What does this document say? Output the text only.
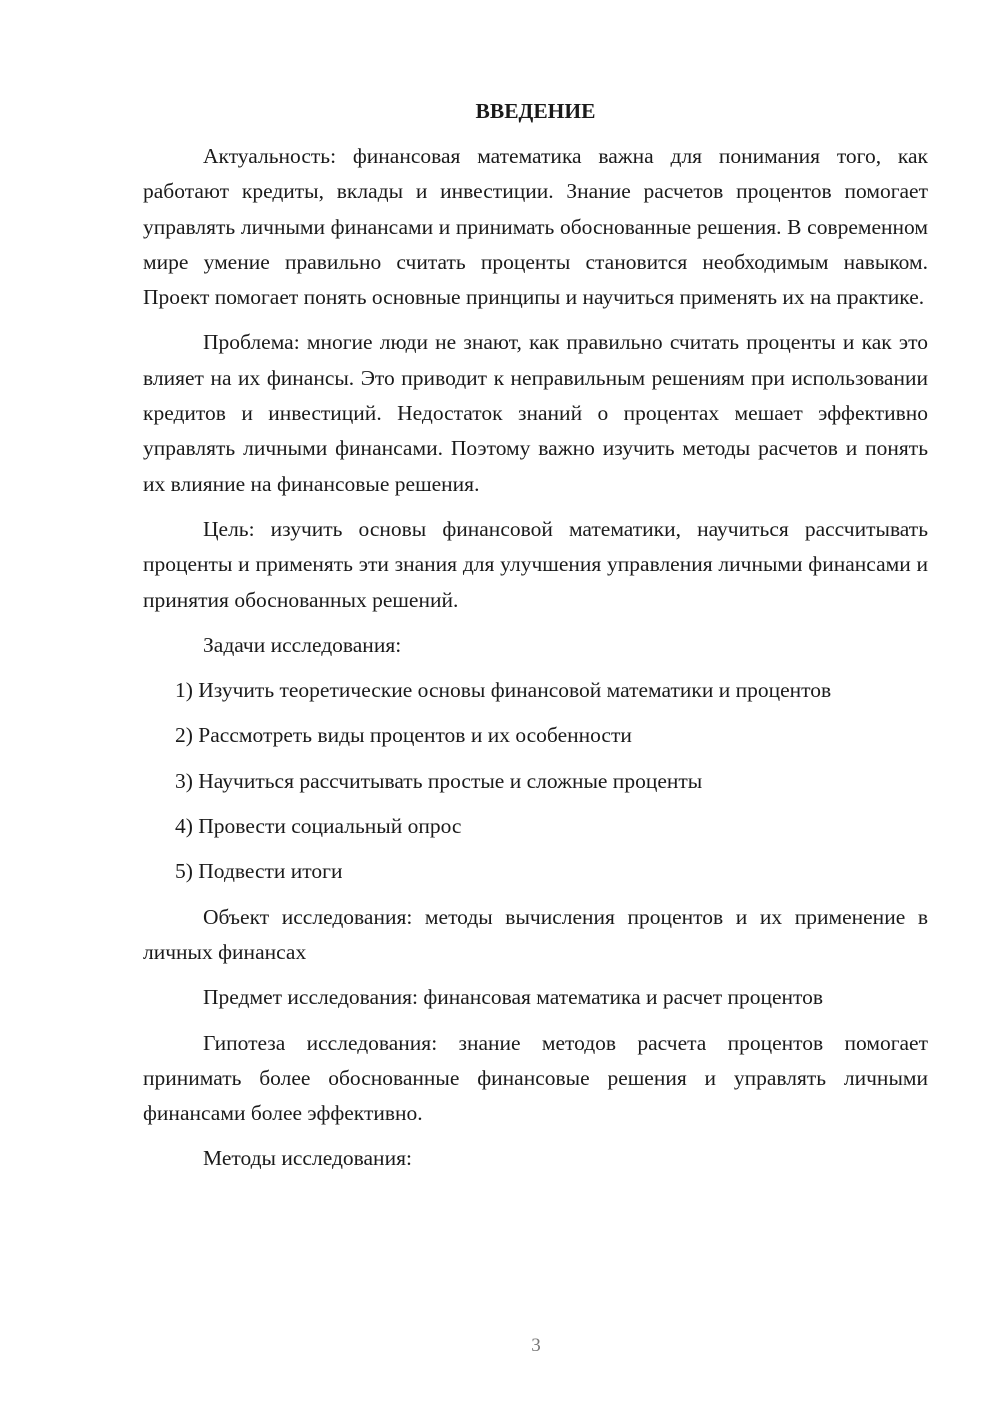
ВВЕДЕНИЕ

Актуальность: финансовая математика важна для понимания того, как работают кредиты, вклады и инвестиции. Знание расчетов процентов помогает управлять личными финансами и принимать обоснованные решения. В современном мире умение правильно считать проценты становится необходимым навыком. Проект помогает понять основные принципы и научиться применять их на практике.

Проблема: многие люди не знают, как правильно считать проценты и как это влияет на их финансы. Это приводит к неправильным решениям при использовании кредитов и инвестиций. Недостаток знаний о процентах мешает эффективно управлять личными финансами. Поэтому важно изучить методы расчетов и понять их влияние на финансовые решения.

Цель: изучить основы финансовой математики, научиться рассчитывать проценты и применять эти знания для улучшения управления личными финансами и принятия обоснованных решений.

Задачи исследования:

1) Изучить теоретические основы финансовой математики и процентов

2) Рассмотреть виды процентов и их особенности

3) Научиться рассчитывать простые и сложные проценты

4) Провести социальный опрос

5) Подвести итоги

Объект исследования: методы вычисления процентов и их применение в личных финансах

Предмет исследования: финансовая математика и расчет процентов

Гипотеза исследования: знание методов расчета процентов помогает принимать более обоснованные финансовые решения и управлять личными финансами более эффективно.

Методы исследования:

3
